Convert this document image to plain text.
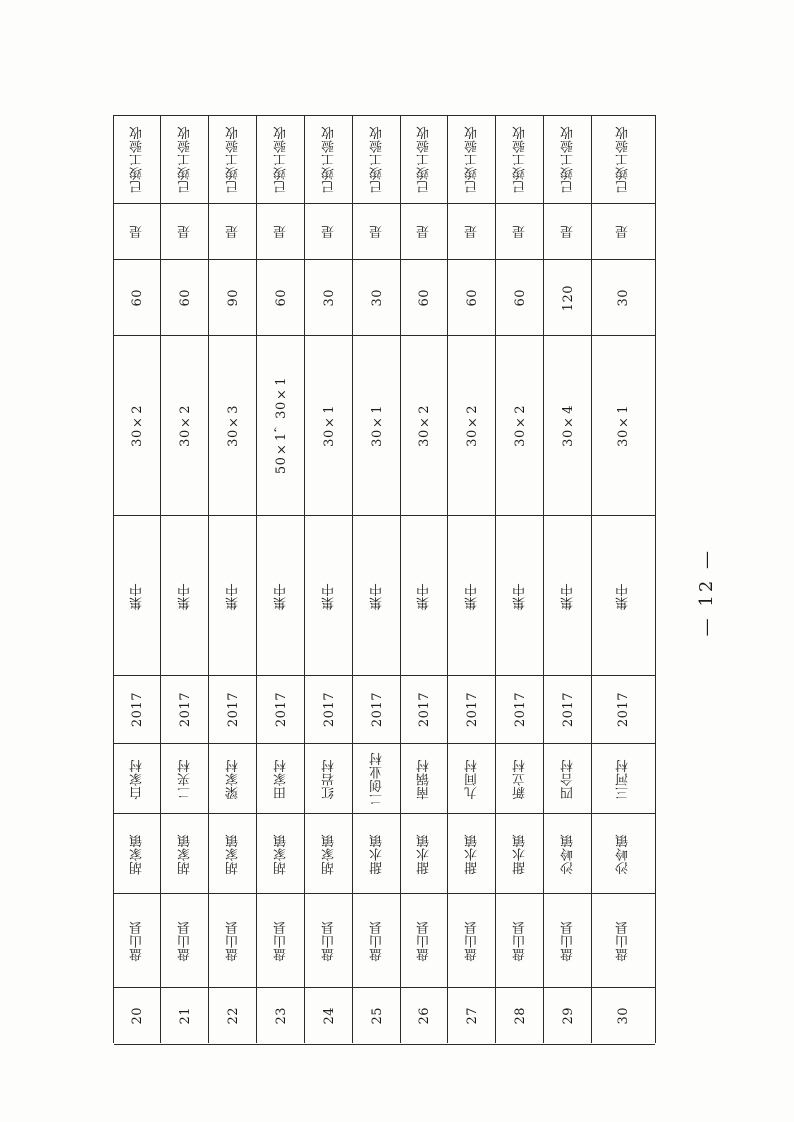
已竣工验收
是
60
30×2
集中
2017
白家村
胡家镇
盘山县
20
已竣工验收
是
60
30×2
集中
2017
二夹村
胡家镇
盘山县
21
已竣工验收
是
90
30×3
集中
2017
梁家村
胡家镇
盘山县
22
已竣工验收
是
60
50×1，30×1
集中
2017
田家村
胡家镇
盘山县
23
已竣工验收
是
30
30×1
集中
2017
红岩村
胡家镇
盘山县
24
已竣工验收
是
30
30×1
集中
2017
二创业村
甜水镇
盘山县
25
已竣工验收
是
60
30×2
集中
2017
南锅村
甜水镇
盘山县
26
已竣工验收
是
60
30×2
集中
2017
九间村
甜水镇
盘山县
27
已竣工验收
是
60
30×2
集中
2017
新立村
甜水镇
盘山县
28
已竣工验收
是
120
30×4
集中
2017
四合村
沙岭镇
盘山县
29
已竣工验收
是
30
30×1
集中
2017
三河村
沙岭镇
盘山县
30
— 12 —
